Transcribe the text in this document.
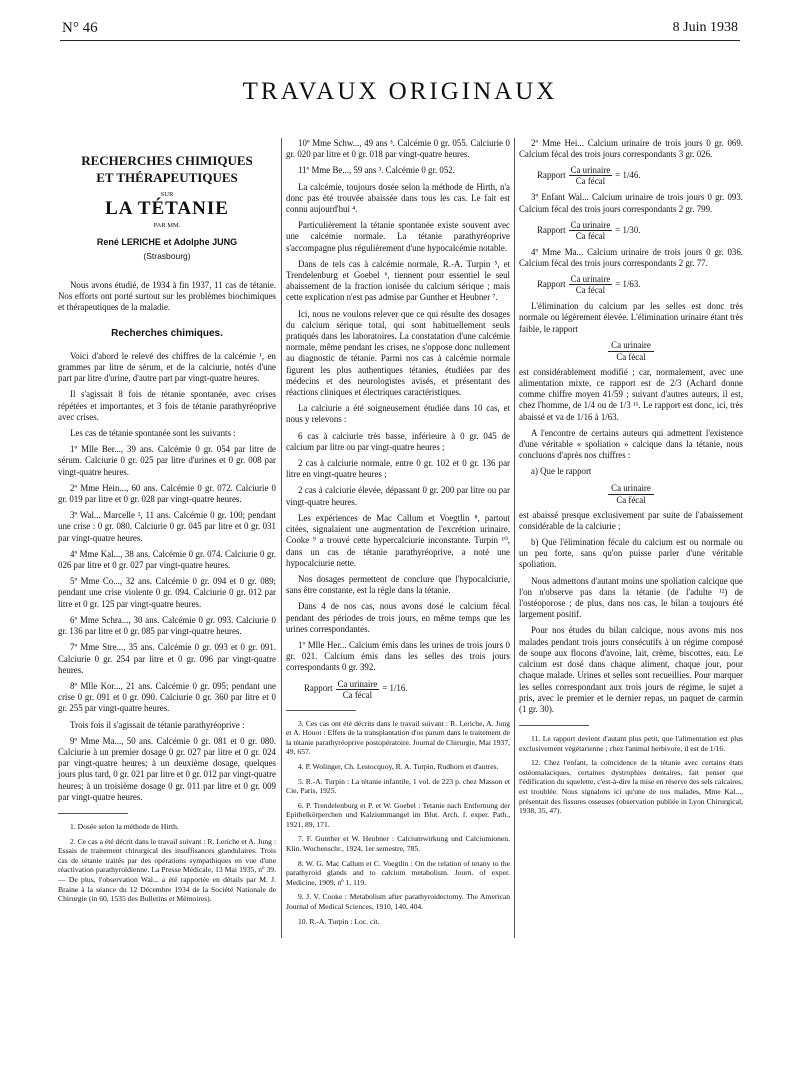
N° 46	8 Juin 1938
TRAVAUX ORIGINAUX
RECHERCHES CHIMIQUES
ET THÉRAPEUTIQUES
SUR
LA TÉTANIE
PAR MM.
René LERICHE et Adolphe JUNG
(Strasbourg)

Nous avons étudié, de 1934 à fin 1937, 11 cas de tétanie. Nos efforts ont porté surtout sur les problèmes biochimiques et thérapeutiques de la maladie.

Recherches chimiques.

Voici d'abord le relevé des chiffres de la calcémie ¹, en grammes par litre de sérum, et de la calciurie, notés d'une part par litre d'urine, d'autre part par vingt-quatre heures.

Il s'agissait 8 fois de tétanie spontanée, avec crises répétées et importantes, et 3 fois de tétanie parathyréoprive avec crises.

Les cas de tétanie spontanée sont les suivants :

1º Mlle Ber..., 39 ans. Calcémie 0 gr. 054 par litre de sérum. Calciurie 0 gr. 025 par litre d'urines et 0 gr. 008 par vingt-quatre heures.

2º Mme Hein..., 60 ans. Calcémie 0 gr. 072. Calciurie 0 gr. 019 par litre et 0 gr. 028 par vingt-quatre heures.

3º Wal... Marcelle ², 11 ans. Calcémie 0 gr. 100; pendant une crise : 0 gr. 080. Calciurie 0 gr. 045 par litre et 0 gr. 031 par vingt-quatre heures.

4º Mme Kal..., 38 ans. Calcémie 0 gr. 074. Calciurie 0 gr. 026 par litre et 0 gr. 027 par vingt-quatre heures.

5º Mme Co..., 32 ans. Calcémie 0 gr. 094 et 0 gr. 089; pendant une crise violente 0 gr. 094. Calciurie 0 gr. 012 par litre et 0 gr. 125 par vingt-quatre heures.

6º Mme Schra..., 30 ans. Calcémie 0 gr. 093. Calciurie 0 gr. 136 par litre et 0 gr. 085 par vingt-quatre heures.

7º Mme Stre..., 35 ans. Calcémie 0 gr. 093 et 0 gr. 091. Calciurie 0 gr. 254 par litre et 0 gr. 096 par vingt-quatre heures.

8º Mlle Kor..., 21 ans. Calcémie 0 gr. 095; pendant une crise 0 gr. 091 et 0 gr. 090. Calciurie 0 gr. 360 par litre et 0 gr. 255 par vingt-quatre heures.

Trois fois il s'agissait de tétanie parathyréoprive :

9º Mme Ma..., 50 ans. Calcémie 0 gr. 081 et 0 gr. 080. Calciurie à un premier dosage 0 gr. 027 par litre et 0 gr. 024 par vingt-quatre heures; à un deuxième dosage, quelques jours plus tard, 0 gr. 021 par litre et 0 gr. 012 par vingt-quatre heures; à un troisième dosage 0 gr. 011 par litre et 0 gr. 009 par vingt-quatre heures.

1. Dosée selon la méthode de Hirth.

2. Ce cas a été décrit dans le travail suivant : R. Leriche et A. Jung : Essais de traitement chirurgical des insuffisances glandulaires. Trois cas de tétanie traités par des opérations sympathiques en vue d'une réactivation parathyroïdienne. La Presse Médicale, 13 Mai 1935, nº 39. — De plus, l'observation Wal... a été rapportée en détails par M. J. Braine à la séance du 12 Décembre 1934 de la Société Nationale de Chirurgie (in 60, 1535 des Bulletins et Mémoires).

10º Mme Schw..., 49 ans ³. Calcémie 0 gr. 055. Calciurie 0 gr. 020 par litre et 0 gr. 018 par vingt-quatre heures.

11º Mme Be..., 59 ans ³. Calcémie 0 gr. 052.

La calcémie, toujours dosée selon la méthode de Hirth, n'a donc pas été trouvée abaissée dans tous les cas. Le fait est connu aujourd'hui ⁴.

Particulièrement la tétanie spontanée existe souvent avec une calcémie normale. La tétanie parathyréoprive s'accompagne plus régulièrement d'une hypocalcémie notable.

Dans de tels cas à calcémie normale, R.-A. Turpin ⁵, et Trendelenburg et Goebel ⁶, tiennent pour essentiel le seul abaissement de la fraction ionisée du calcium sérique ; mais cette explication n'est pas admise par Gunther et Heubner ⁷.

Ici, nous ne voulons relever que ce qui résulte des dosages du calcium sérique total, qui sont habituellement seuls pratiqués dans les laboratoires. La constatation d'une calcémie normale, même pendant les crises, ne s'oppose donc nullement au diagnostic de tétanie. Parmi nos cas à calcémie normale figurent les plus authentiques tétanies, étudiées par des médecins et des neurologistes avisés, et présentant des réactions cliniques et électriques caractéristiques.

La calciurie a été soigneusement étudiée dans 10 cas, et nous y relevons :

6 cas à calciurie très basse, inférieure à 0 gr. 045 de calcium par litre ou par vingt-quatre heures ;

2 cas à calciurie normale, entre 0 gr. 102 et 0 gr. 136 par litre en vingt-quatre heures ;

2 cas à calciurie élevée, dépassant 0 gr. 200 par litre ou par vingt-quatre heures.

Les expériences de Mac Callum et Voegtlin ⁸, partout citées, signalaient une augmentation de l'excrétion urinaire. Cooke ⁹ a trouvé cette hypercalciurie inconstante. Turpin ¹⁰, dans un cas de tétanie parathyréoprive, a noté une hypocalciurie nette.

Nos dosages permettent de conclure que l'hypocalciurie, sans être constante, est la règle dans la tétanie.

Dans 4 de nos cas, nous avons dosé le calcium fécal pendant des périodes de trois jours, en même temps que les urines correspondantes.

1º Mlle Her... Calcium émis dans les urines de trois jours 0 gr. 021. Calcium émis dans les selles des trois jours correspondants 0 gr. 392.

Rapport $\frac{\text{Ca urinaire}}{\text{Ca fécal}} = 1/16$.

3. Ces cas ont été décrits dans le travail suivant : R. Leriche, A. Jung et A. Houot : Effets de la transplantation d'os parum dans le traitement de la tétanie parathyréoprive postopératoire. Journal de Chirurgie, Mai 1937, 49, 657.

4. P. Wolinger, Ch. Lestocquoy, R. A. Turpin, Rudhorn et d'autres.

5. R.-A. Turpin : La tétanie infantile, 1 vol. de 223 p. chez Masson et Cie, Paris, 1925.

6. P. Trendelenburg et P. et W. Goebel : Tetanie nach Entfernung der Epithelkörperchen und Kalziummangel im Blut. Arch. f. exper. Path., 1921, 89, 171.

7. F. Gunther et W. Heubner : Calciumwirkung und Calciumionen. Klin. Wochenschr., 1924, 1er semestre, 785.

8. W. G. Mac Callum et C. Voegtlin : On the relation of tetany to the parathyroid glands and to calcium metabolism. Journ. of exper. Medicine, 1909, nº 1, 119.

9. J. V. Cooke : Metabolism after parathyroidectomy. The American Journal of Medical Sciences, 1910, 140, 404.

10. R.-A. Turpin : Loc. cit.

2º Mme Hei... Calcium urinaire de trois jours 0 gr. 069. Calcium fécal des trois jours correspondants 3 gr. 026.

Rapport $\frac{\text{Ca urinaire}}{\text{Ca fécal}} = 1/46$.

3º Enfant Wal... Calcium urinaire de trois jours 0 gr. 093. Calcium fécal des trois jours correspondants 2 gr. 799.

Rapport $\frac{\text{Ca urinaire}}{\text{Ca fécal}} = 1/30$.

4º Mme Ma... Calcium urinaire de trois jours 0 gr. 036. Calcium fécal des trois jours correspondants 2 gr. 77.

Rapport $\frac{\text{Ca urinaire}}{\text{Ca fécal}} = 1/63$.

L'élimination du calcium par les selles est donc très normale ou légèrement élevée. L'élimination urinaire étant très faible, le rapport

Ca urinaire
Ca fécal

est considérablement modifié ; car, normalement, avec une alimentation mixte, ce rapport est de 2/3 (Achard donne comme chiffre moyen 41/59 ; suivant d'autres auteurs, il est, chez l'homme, de 1/4 ou de 1/3 ¹¹. Le rapport est donc, ici, très abaissé et va de 1/16 à 1/63.

A l'encontre de certains auteurs qui admettent l'existence d'une véritable « spoliation » calcique dans la tétanie, nous concluons d'après nos chiffres :

a) Que le rapport

Ca urinaire
Ca fécal

est abaissé presque exclusivement par suite de l'abaissement considérable de la calciurie ;

b) Que l'élimination fécale du calcium est ou normale ou un peu forte, sans qu'on puisse parler d'une véritable spoliation.

Nous admettons d'autant moins une spoliation calcique que l'on n'observe pas dans la tétanie (de l'adulte ¹²) de l'ostéoporose ; de plus, dans nos cas, le bilan a toujours été largement positif.

Pour nos études du bilan calcique, nous avons mis nos malades pendant trois jours consécutifs à un régime composé de soupe aux flocons d'avoine, lait, crème, biscottes, eau. Le calcium est dosé dans chaque aliment, chaque jour, pour chaque malade. Urines et selles sont recueillies. Pour marquer les selles correspondant aux trois jours de régime, le sujet a pris, avec le premier et le dernier repas, un paquet de carmin (1 gr. 30).

11. Le rapport devient d'autant plus petit, que l'alimentation est plus exclusivement végétarienne ; chez l'animal herbivore, il est de 1/16.

12. Chez l'enfant, la coïncidence de la tétanie avec certains états ostéomalaciques, certaines dystrophies dentaires, fait penser que l'édification du squelette, c'est-à-dire la mise en réserve des sels calcaires, est troublée. Nous signalons ici qu'une de nos malades, Mme Kal..., présentait des fissures osseuses (observation publiée in Lyon Chirurgical, 1938, 35, 47).
